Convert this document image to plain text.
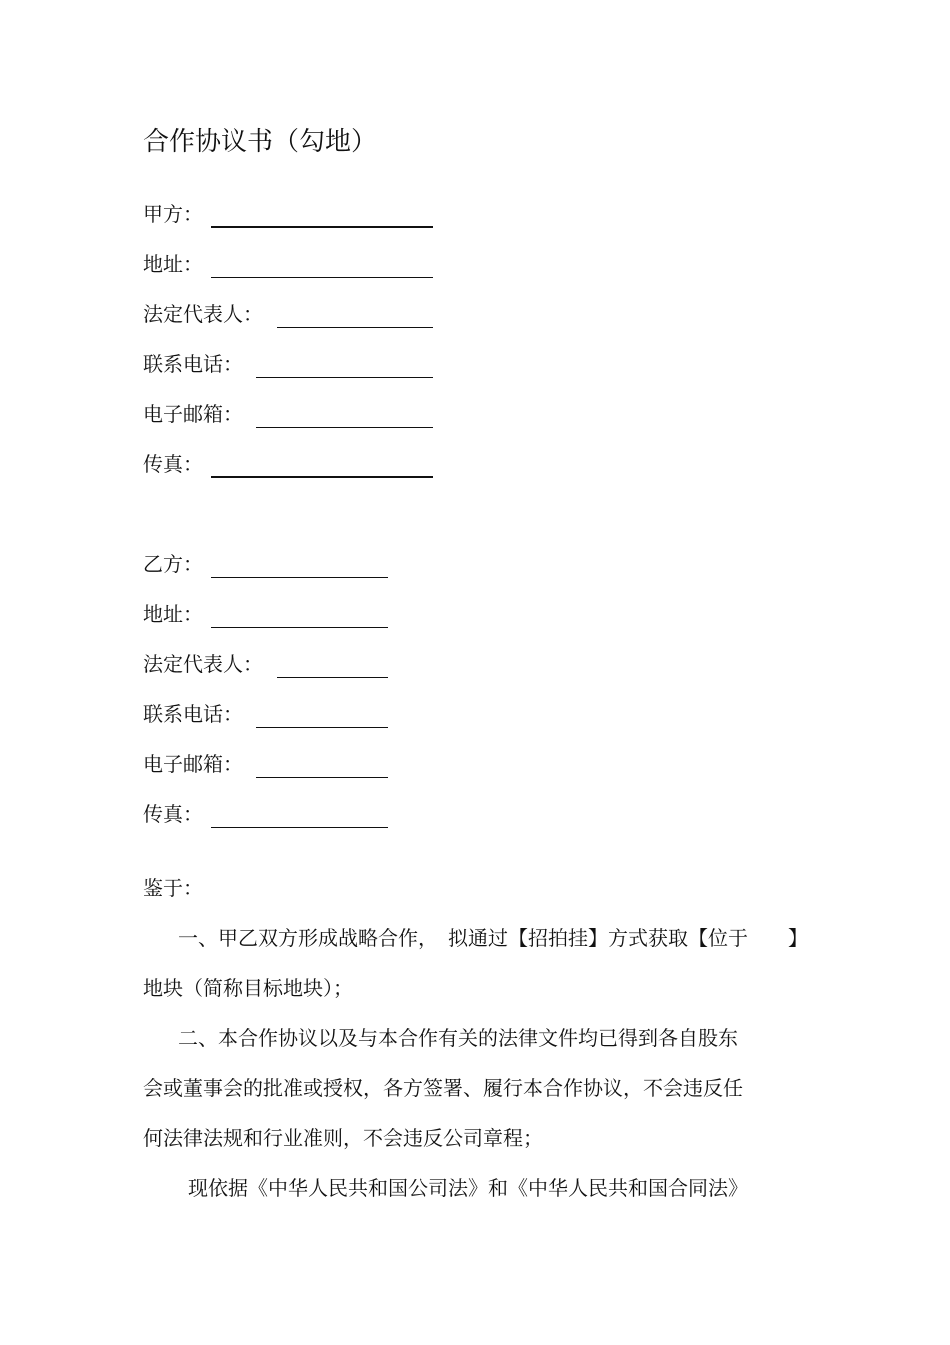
合作协议书（勾地）
甲方：
地址：
法定代表人：
联系电话：
电子邮箱：
传真：
乙方：
地址：
法定代表人：
联系电话：
电子邮箱：
传真：
鉴于：
一、甲乙双方形成战略合作，　拟通过【招拍挂】方式获取【位于　　】
地块（简称目标地块）；
二、本合作协议以及与本合作有关的法律文件均已得到各自股东
会或董事会的批准或授权，各方签署、履行本合作协议，不会违反任
何法律法规和行业准则，不会违反公司章程；
现依据《中华人民共和国公司法》和《中华人民共和国合同法》
